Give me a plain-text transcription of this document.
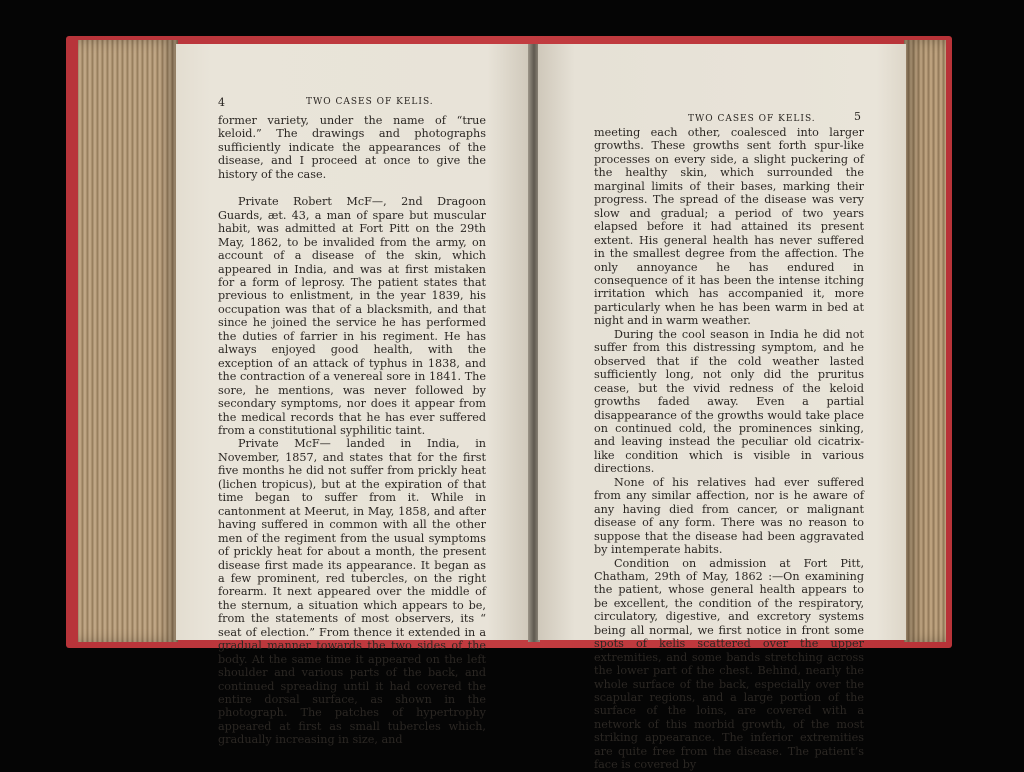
4	TWO CASES OF KELIS.

former variety, under the name of “true keloid.” The drawings and photographs sufficiently indicate the appearances of the disease, and I proceed at once to give the history of the case.

Private Robert McF—, 2nd Dragoon Guards, æt. 43, a man of spare but muscular habit, was admitted at Fort Pitt on the 29th May, 1862, to be invalided from the army, on account of a disease of the skin, which appeared in India, and was at first mistaken for a form of leprosy. The patient states that previous to enlistment, in the year 1839, his occupation was that of a blacksmith, and that since he joined the service he has performed the duties of farrier in his regiment. He has always enjoyed good health, with the exception of an attack of typhus in 1838, and the contraction of a venereal sore in 1841. The sore, he mentions, was never followed by secondary symptoms, nor does it appear from the medical records that he has ever suffered from a constitutional syphilitic taint.

Private McF— landed in India, in November, 1857, and states that for the first five months he did not suffer from prickly heat (lichen tropicus), but at the expiration of that time began to suffer from it. While in cantonment at Meerut, in May, 1858, and after having suffered in common with all the other men of the regiment from the usual symptoms of prickly heat for about a month, the present disease first made its appearance. It began as a few prominent, red tubercles, on the right forearm. It next appeared over the middle of the sternum, a situation which appears to be, from the statements of most observers, its “ seat of election.” From thence it extended in a gradual manner towards the two sides of the body. At the same time it appeared on the left shoulder and various parts of the back, and continued spreading until it had covered the entire dorsal surface, as shown in the photograph. The patches of hypertrophy appeared at first as small tubercles which, gradually increasing in size, and

TWO CASES OF KELIS.	5

meeting each other, coalesced into larger growths. These growths sent forth spur-like processes on every side, a slight puckering of the healthy skin, which surrounded the marginal limits of their bases, marking their progress. The spread of the disease was very slow and gradual; a period of two years elapsed before it had attained its present extent. His general health has never suffered in the smallest degree from the affection. The only annoyance he has endured in consequence of it has been the intense itching irritation which has accompanied it, more particularly when he has been warm in bed at night and in warm weather.

During the cool season in India he did not suffer from this distressing symptom, and he observed that if the cold weather lasted sufficiently long, not only did the pruritus cease, but the vivid redness of the keloid growths faded away. Even a partial disappearance of the growths would take place on continued cold, the prominences sinking, and leaving instead the peculiar old cicatrix-like condition which is visible in various directions.

None of his relatives had ever suffered from any similar affection, nor is he aware of any having died from cancer, or malignant disease of any form. There was no reason to suppose that the disease had been aggravated by intemperate habits.

Condition on admission at Fort Pitt, Chatham, 29th of May, 1862 :—On examining the patient, whose general health appears to be excellent, the condition of the respiratory, circulatory, digestive, and excretory systems being all normal, we first notice in front some spots of kelis scattered over the upper extremities, and some bands stretching across the lower part of the chest. Behind, nearly the whole surface of the back, especially over the scapular regions, and a large portion of the surface of the loins, are covered with a network of this morbid growth, of the most striking appearance. The inferior extremities are quite free from the disease. The patient’s face is covered by
